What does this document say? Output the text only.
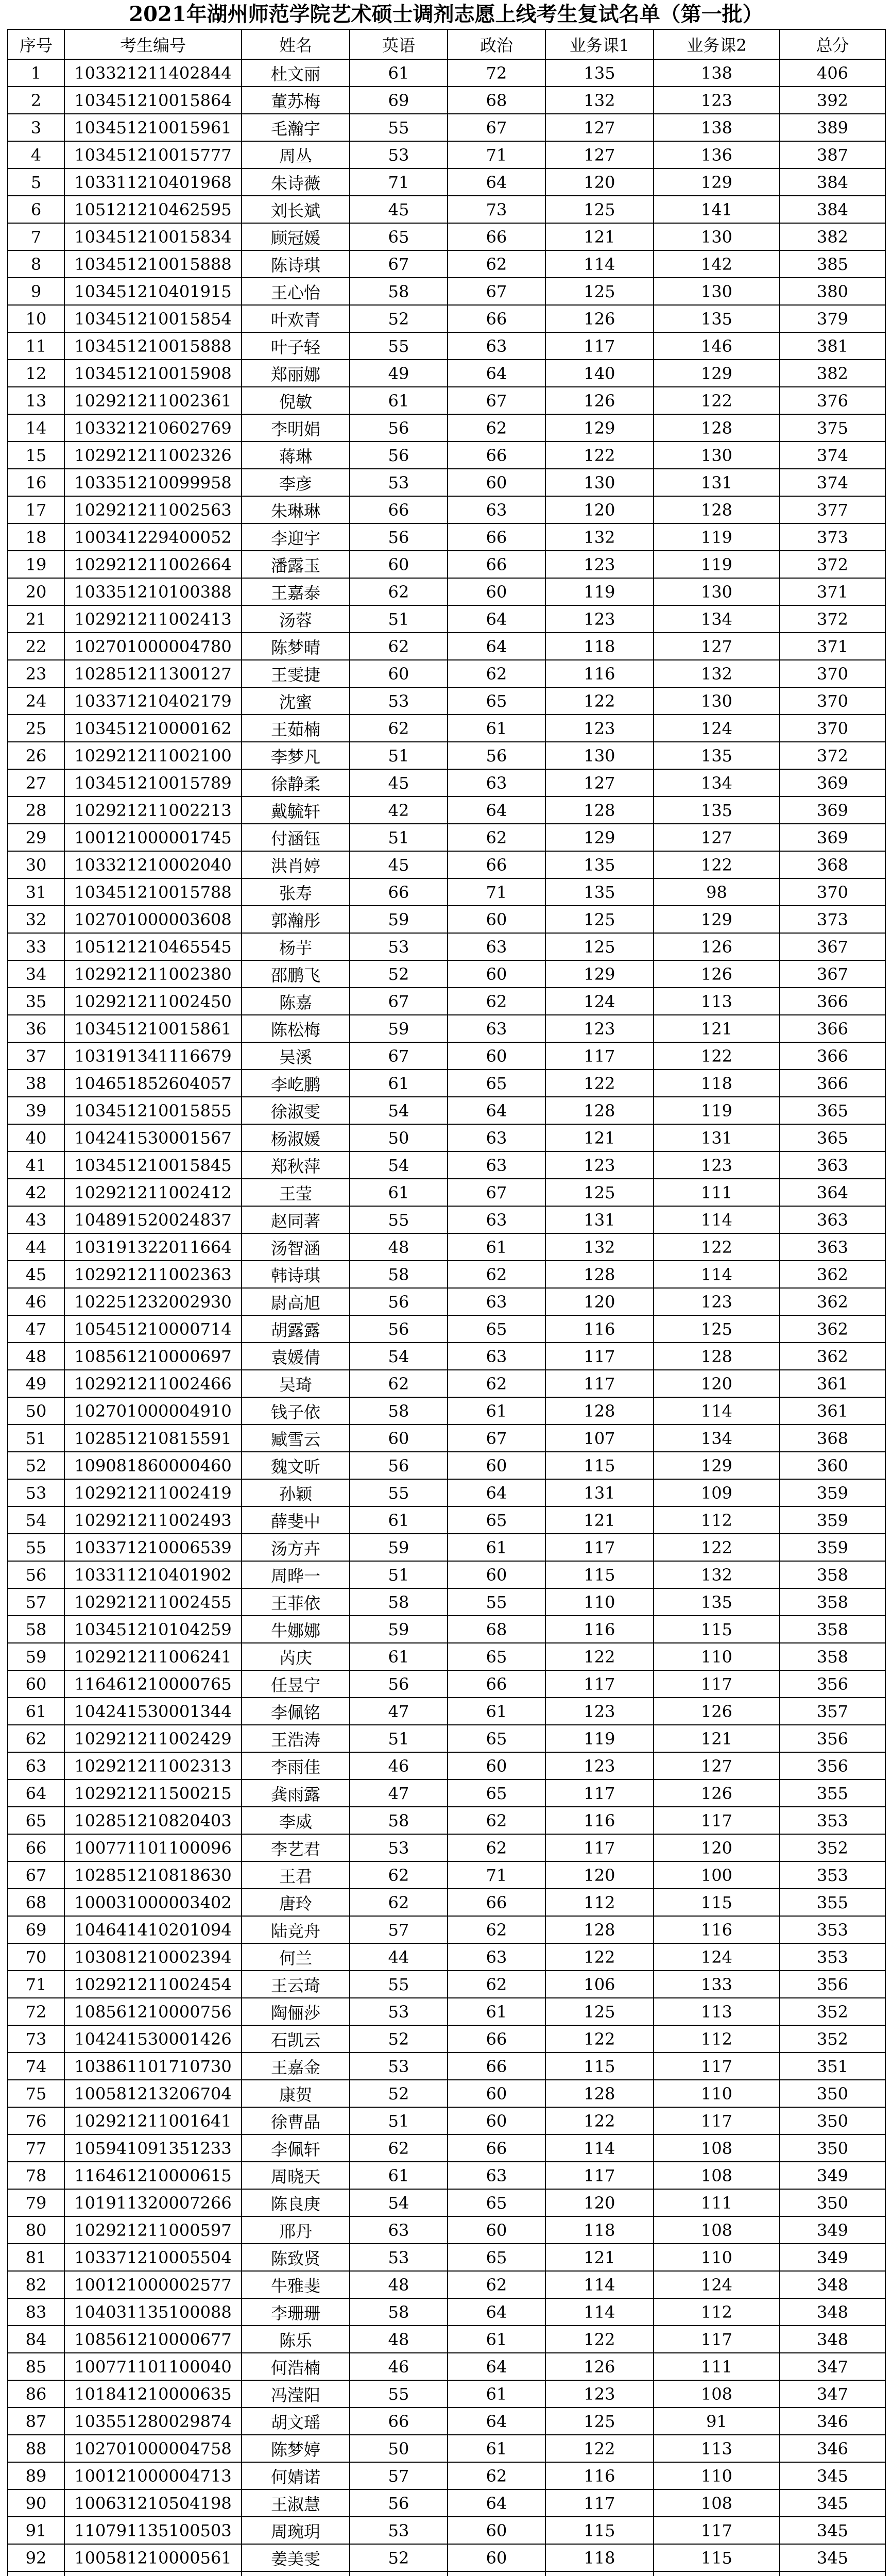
2021年湖州师范学院艺术硕士调剂志愿上线考生复试名单（第一批）
序号	考生编号	姓名	英语	政治	业务课1	业务课2	总分
1	103321211402844	杜文丽	61	72	135	138	406
2	103451210015864	董苏梅	69	68	132	123	392
3	103451210015961	毛瀚宇	55	67	127	138	389
4	103451210015777	周丛	53	71	127	136	387
5	103311210401968	朱诗薇	71	64	120	129	384
6	105121210462595	刘长斌	45	73	125	141	384
7	103451210015834	顾冠媛	65	66	121	130	382
8	103451210015888	陈诗琪	67	62	114	142	385
9	103451210401915	王心怡	58	67	125	130	380
10	103451210015854	叶欢青	52	66	126	135	379
11	103451210015888	叶子轻	55	63	117	146	381
12	103451210015908	郑丽娜	49	64	140	129	382
13	102921211002361	倪敏	61	67	126	122	376
14	103321210602769	李明娟	56	62	129	128	375
15	102921211002326	蒋琳	56	66	122	130	374
16	103351210099958	李彦	53	60	130	131	374
17	102921211002563	朱琳琳	66	63	120	128	377
18	100341229400052	李迎宇	56	66	132	119	373
19	102921211002664	潘露玉	60	66	123	119	372
20	103351210100388	王嘉泰	62	60	119	130	371
21	102921211002413	汤蓉	51	64	123	134	372
22	102701000004780	陈梦晴	62	64	118	127	371
23	102851211300127	王雯捷	60	62	116	132	370
24	103371210402179	沈蜜	53	65	122	130	370
25	103451210000162	王茹楠	62	61	123	124	370
26	102921211002100	李梦凡	51	56	130	135	372
27	103451210015789	徐静柔	45	63	127	134	369
28	102921211002213	戴毓轩	42	64	128	135	369
29	100121000001745	付涵钰	51	62	129	127	369
30	103321210002040	洪肖婷	45	66	135	122	368
31	103451210015788	张寿	66	71	135	98	370
32	102701000003608	郭瀚彤	59	60	125	129	373
33	105121210465545	杨芋	53	63	125	126	367
34	102921211002380	邵鹏飞	52	60	129	126	367
35	102921211002450	陈嘉	67	62	124	113	366
36	103451210015861	陈松梅	59	63	123	121	366
37	103191341116679	吴溪	67	60	117	122	366
38	104651852604057	李屹鹏	61	65	122	118	366
39	103451210015855	徐淑雯	54	64	128	119	365
40	104241530001567	杨淑媛	50	63	121	131	365
41	103451210015845	郑秋萍	54	63	123	123	363
42	102921211002412	王莹	61	67	125	111	364
43	104891520024837	赵同著	55	63	131	114	363
44	103191322011664	汤智涵	48	61	132	122	363
45	102921211002363	韩诗琪	58	62	128	114	362
46	102251232002930	尉高旭	56	63	120	123	362
47	105451210000714	胡露露	56	65	116	125	362
48	108561210000697	袁媛倩	54	63	117	128	362
49	102921211002466	吴琦	62	62	117	120	361
50	102701000004910	钱子依	58	61	128	114	361
51	102851210815591	臧雪云	60	67	107	134	368
52	109081860000460	魏文昕	56	60	115	129	360
53	102921211002419	孙颖	55	64	131	109	359
54	102921211002493	薛斐中	61	65	121	112	359
55	103371210006539	汤方卉	59	61	117	122	359
56	103311210401902	周晔一	51	60	115	132	358
57	102921211002455	王菲依	58	55	110	135	358
58	103451210104259	牛娜娜	59	68	116	115	358
59	102921211006241	芮庆	61	65	122	110	358
60	116461210000765	任昱宁	56	66	117	117	356
61	104241530001344	李佩铭	47	61	123	126	357
62	102921211002429	王浩涛	51	65	119	121	356
63	102921211002313	李雨佳	46	60	123	127	356
64	102921211500215	龚雨露	47	65	117	126	355
65	102851210820403	李威	58	62	116	117	353
66	100771101100096	李艺君	53	62	117	120	352
67	102851210818630	王君	62	71	120	100	353
68	100031000003402	唐玲	62	66	112	115	355
69	104641410201094	陆竞舟	57	62	128	116	353
70	103081210002394	何兰	44	63	122	124	353
71	102921211002454	王云琦	55	62	106	133	356
72	108561210000756	陶俪莎	53	61	125	113	352
73	104241530001426	石凯云	52	66	122	112	352
74	103861101710730	王嘉金	53	66	115	117	351
75	100581213206704	康贺	52	60	128	110	350
76	102921211001641	徐曹晶	51	60	122	117	350
77	105941091351233	李佩轩	62	66	114	108	350
78	116461210000615	周晓天	61	63	117	108	349
79	101911320007266	陈良庚	54	65	120	111	350
80	102921211000597	邢丹	63	60	118	108	349
81	103371210005504	陈致贤	53	65	121	110	349
82	100121000002577	牛雅斐	48	62	114	124	348
83	104031135100088	李珊珊	58	64	114	112	348
84	108561210000677	陈乐	48	61	122	117	348
85	100771101100040	何浩楠	46	64	126	111	347
86	101841210000635	冯滢阳	55	61	123	108	347
87	103551280029874	胡文瑶	66	64	125	91	346
88	102701000004758	陈梦婷	50	61	122	113	346
89	100121000004713	何婧诺	57	62	116	110	345
90	100631210504198	王淑慧	56	64	117	108	345
91	110791135100503	周琬玥	53	60	115	117	345
92	100581210000561	姜美雯	52	60	118	115	345
